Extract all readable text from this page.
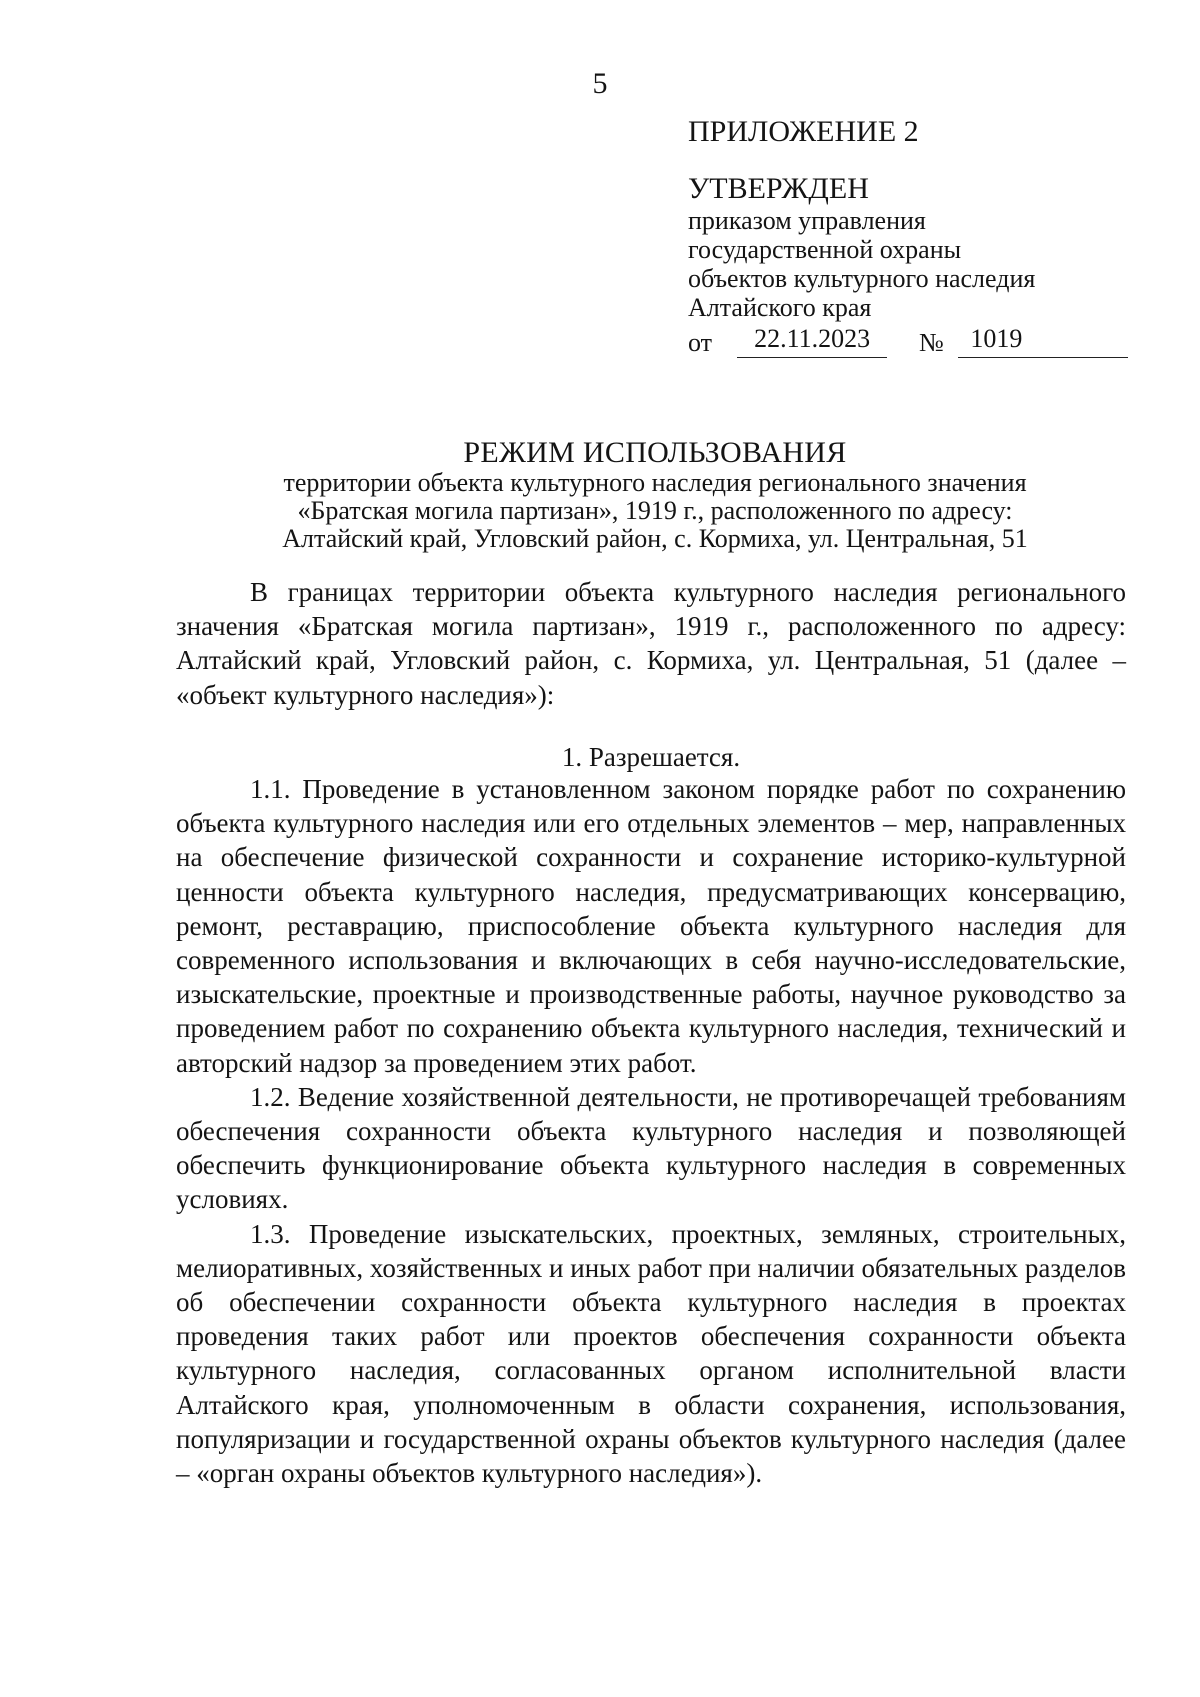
5
ПРИЛОЖЕНИЕ 2
УТВЕРЖДЕН
приказом управления
государственной охраны
объектов культурного наследия
Алтайского края
от	22.11.2023	№	1019
РЕЖИМ ИСПОЛЬЗОВАНИЯ
территории объекта культурного наследия регионального значения
«Братская могила партизан», 1919 г., расположенного по адресу:
Алтайский край, Угловский район, с. Кормиха, ул. Центральная, 51

В границах территории объекта культурного наследия регионального значения «Братская могила партизан», 1919 г., расположенного по адресу: Алтайский край, Угловский район, с. Кормиха, ул. Центральная, 51 (далее – «объект культурного наследия»):

1. Разрешается.

1.1. Проведение в установленном законом порядке работ по сохранению объекта культурного наследия или его отдельных элементов – мер, направленных на обеспечение физической сохранности и сохранение историко-культурной ценности объекта культурного наследия, предусматривающих консервацию, ремонт, реставрацию, приспособление объекта культурного наследия для современного использования и включающих в себя научно-исследовательские, изыскательские, проектные и производственные работы, научное руководство за проведением работ по сохранению объекта культурного наследия, технический и авторский надзор за проведением этих работ.

1.2. Ведение хозяйственной деятельности, не противоречащей требованиям обеспечения сохранности объекта культурного наследия и позволяющей обеспечить функционирование объекта культурного наследия в современных условиях.

1.3. Проведение изыскательских, проектных, земляных, строительных, мелиоративных, хозяйственных и иных работ при наличии обязательных разделов об обеспечении сохранности объекта культурного наследия в проектах проведения таких работ или проектов обеспечения сохранности объекта культурного наследия, согласованных органом исполнительной власти Алтайского края, уполномоченным в области сохранения, использования, популяризации и государственной охраны объектов культурного наследия (далее – «орган охраны объектов культурного наследия»).
